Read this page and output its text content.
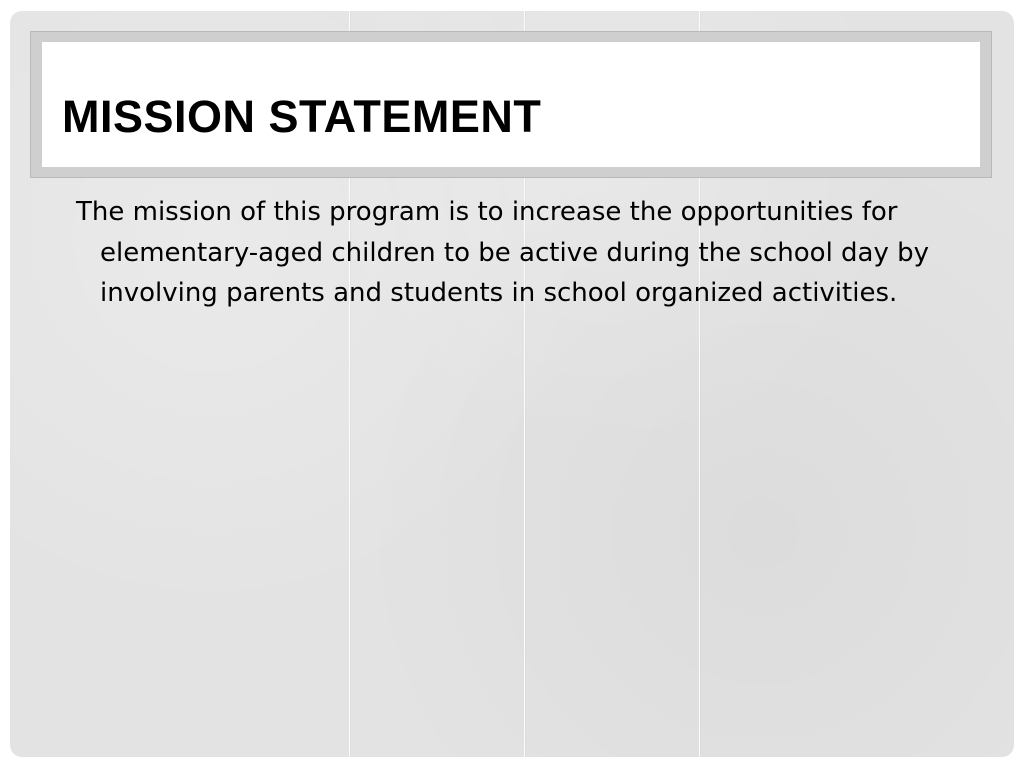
MISSION STATEMENT

The mission of this program is to increase the opportunities for elementary-aged children to be active during the school day by involving parents and students in school organized activities.
